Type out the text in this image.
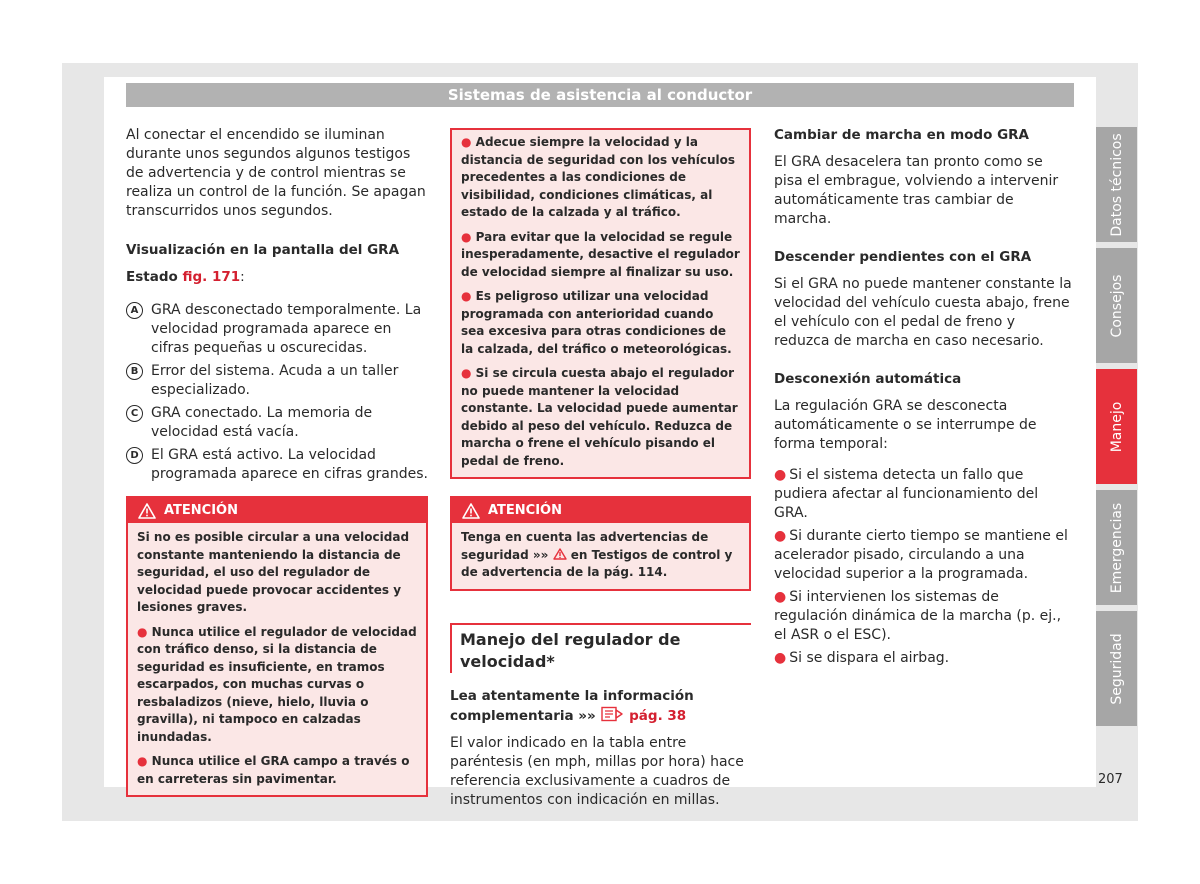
Sistemas de asistencia al conductor

Al conectar el encendido se iluminan durante unos segundos algunos testigos de advertencia y de control mientras se realiza un control de la función. Se apagan transcurridos unos segundos.

Visualización en la pantalla del GRA
Estado fig. 171:
A GRA desconectado temporalmente. La velocidad programada aparece en cifras pequeñas u oscurecidas.
B Error del sistema. Acuda a un taller especializado.
C GRA conectado. La memoria de velocidad está vacía.
D El GRA está activo. La velocidad programada aparece en cifras grandes.
ATENCIÓN

Si no es posible circular a una velocidad constante manteniendo la distancia de seguridad, el uso del regulador de velocidad puede provocar accidentes y lesiones graves.

● Nunca utilice el regulador de velocidad con tráfico denso, si la distancia de seguridad es insuficiente, en tramos escarpados, con muchas curvas o resbaladizos (nieve, hielo, lluvia o gravilla), ni tampoco en calzadas inundadas.

● Nunca utilice el GRA campo a través o en carreteras sin pavimentar.

● Adecue siempre la velocidad y la distancia de seguridad con los vehículos precedentes a las condiciones de visibilidad, condiciones climáticas, al estado de la calzada y al tráfico.

● Para evitar que la velocidad se regule inesperadamente, desactive el regulador de velocidad siempre al finalizar su uso.

● Es peligroso utilizar una velocidad programada con anterioridad cuando sea excesiva para otras condiciones de la calzada, del tráfico o meteorológicas.

● Si se circula cuesta abajo el regulador no puede mantener la velocidad constante. La velocidad puede aumentar debido al peso del vehículo. Reduzca de marcha o frene el vehículo pisando el pedal de freno.

ATENCIÓN

Tenga en cuenta las advertencias de seguridad »» en Testigos de control y de advertencia de la pág. 114.

Manejo del regulador de velocidad*
Lea atentamente la información complementaria »» pág. 38

El valor indicado en la tabla entre paréntesis (en mph, millas por hora) hace referencia exclusivamente a cuadros de instrumentos con indicación en millas.

Cambiar de marcha en modo GRA

El GRA desacelera tan pronto como se pisa el embrague, volviendo a intervenir automáticamente tras cambiar de marcha.

Descender pendientes con el GRA

Si el GRA no puede mantener constante la velocidad del vehículo cuesta abajo, frene el vehículo con el pedal de freno y reduzca de marcha en caso necesario.

Desconexión automática

La regulación GRA se desconecta automáticamente o se interrumpe de forma temporal:

● Si el sistema detecta un fallo que pudiera afectar al funcionamiento del GRA.
● Si durante cierto tiempo se mantiene el acelerador pisado, circulando a una velocidad superior a la programada.
● Si intervienen los sistemas de regulación dinámica de la marcha (p. ej., el ASR o el ESC).
● Si se dispara el airbag.
Datos técnicos
Consejos
Manejo
Emergencias
Seguridad
207
